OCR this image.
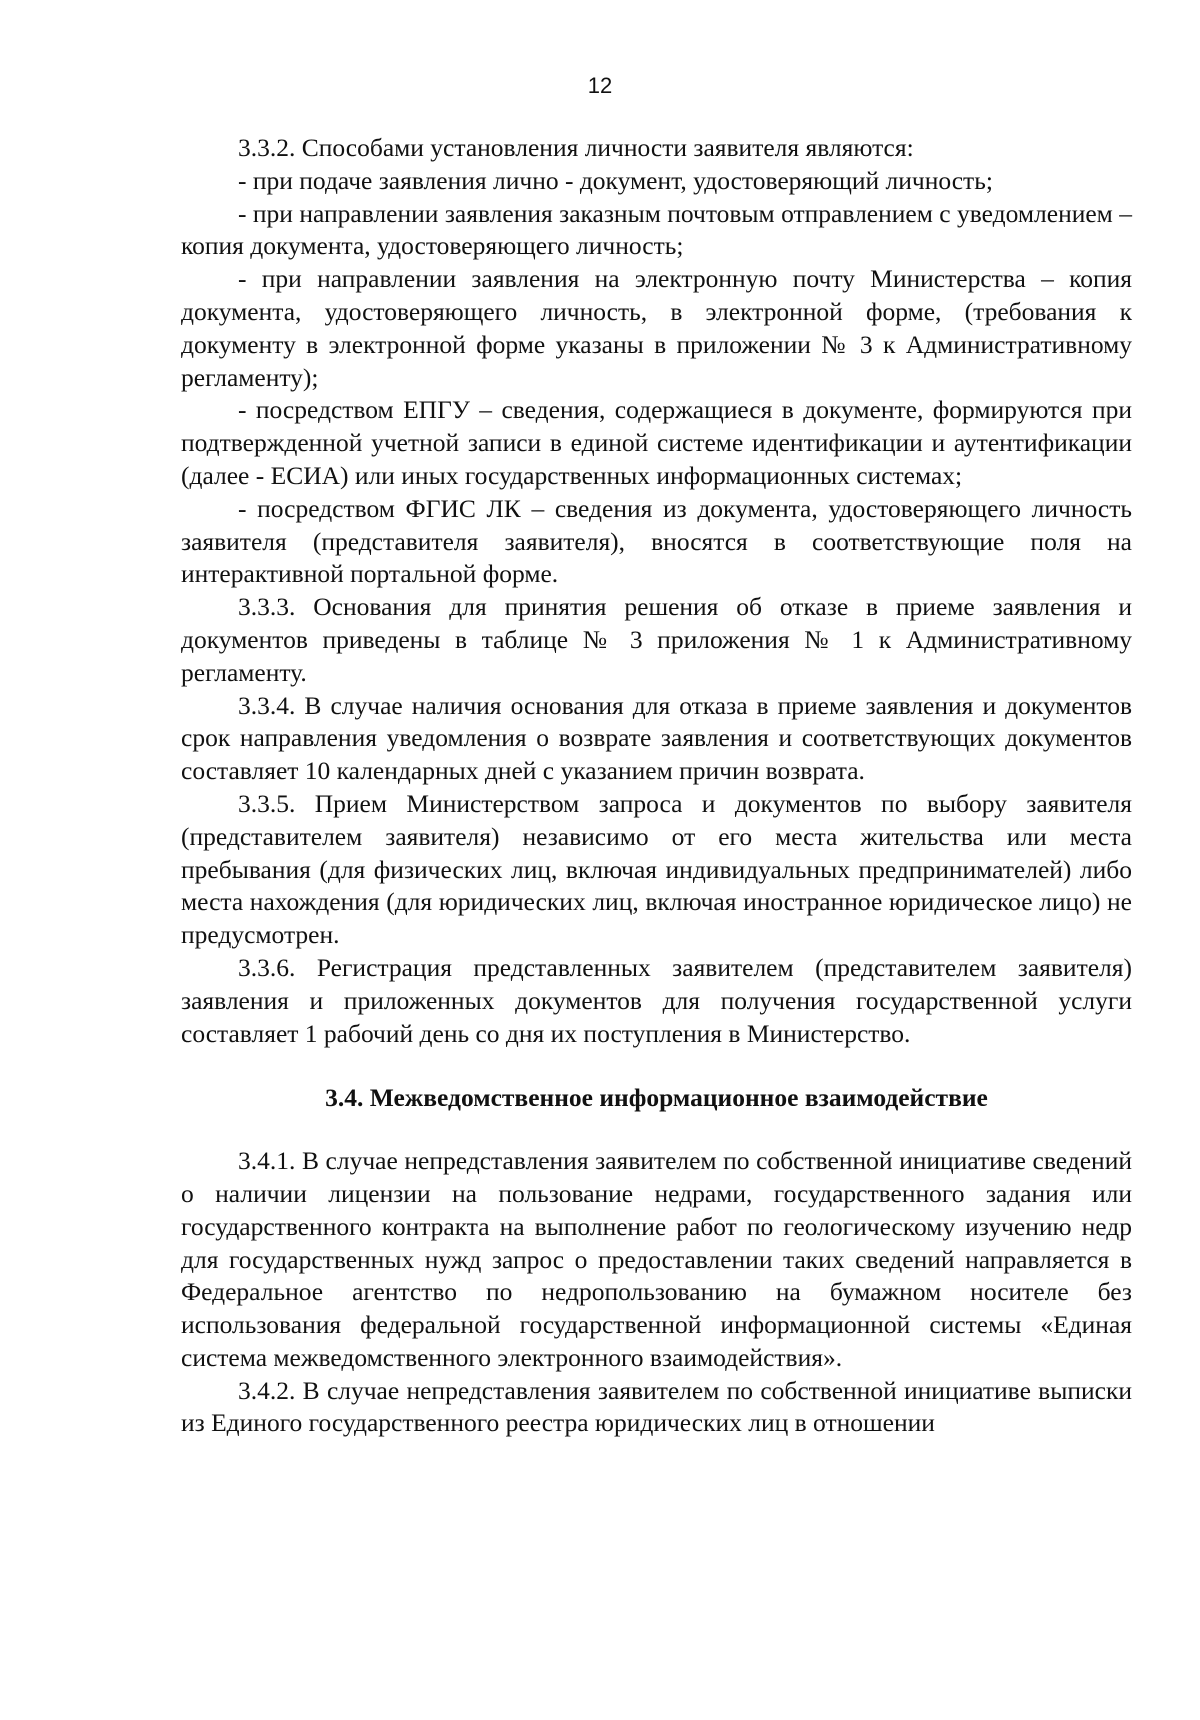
12

3.3.2. Способами установления личности заявителя являются:

- при подаче заявления лично - документ, удостоверяющий личность;

- при направлении заявления заказным почтовым отправлением с уведомлением – копия документа, удостоверяющего личность;

- при направлении заявления на электронную почту Министерства – копия документа, удостоверяющего личность, в электронной форме, (требования к документу в электронной форме указаны в приложении № 3 к Административному регламенту);

- посредством ЕПГУ – сведения, содержащиеся в документе, формируются при подтвержденной учетной записи в единой системе идентификации и аутентификации (далее - ЕСИА) или иных государственных информационных системах;

- посредством ФГИС ЛК – сведения из документа, удостоверяющего личность заявителя (представителя заявителя), вносятся в соответствующие поля на интерактивной портальной форме.

3.3.3. Основания для принятия решения об отказе в приеме заявления и документов приведены в таблице № 3 приложения № 1 к Административному регламенту.

3.3.4. В случае наличия основания для отказа в приеме заявления и документов срок направления уведомления о возврате заявления и соответствующих документов составляет 10 календарных дней с указанием причин возврата.

3.3.5. Прием Министерством запроса и документов по выбору заявителя (представителем заявителя) независимо от его места жительства или места пребывания (для физических лиц, включая индивидуальных предпринимателей) либо места нахождения (для юридических лиц, включая иностранное юридическое лицо) не предусмотрен.

3.3.6. Регистрация представленных заявителем (представителем заявителя) заявления и приложенных документов для получения государственной услуги составляет 1 рабочий день со дня их поступления в Министерство.

3.4. Межведомственное информационное взаимодействие

3.4.1. В случае непредставления заявителем по собственной инициативе сведений о наличии лицензии на пользование недрами, государственного задания или государственного контракта на выполнение работ по геологическому изучению недр для государственных нужд запрос о предоставлении таких сведений направляется в Федеральное агентство по недропользованию на бумажном носителе без использования федеральной государственной информационной системы «Единая система межведомственного электронного взаимодействия».

3.4.2. В случае непредставления заявителем по собственной инициативе выписки из Единого государственного реестра юридических лиц в отношении
